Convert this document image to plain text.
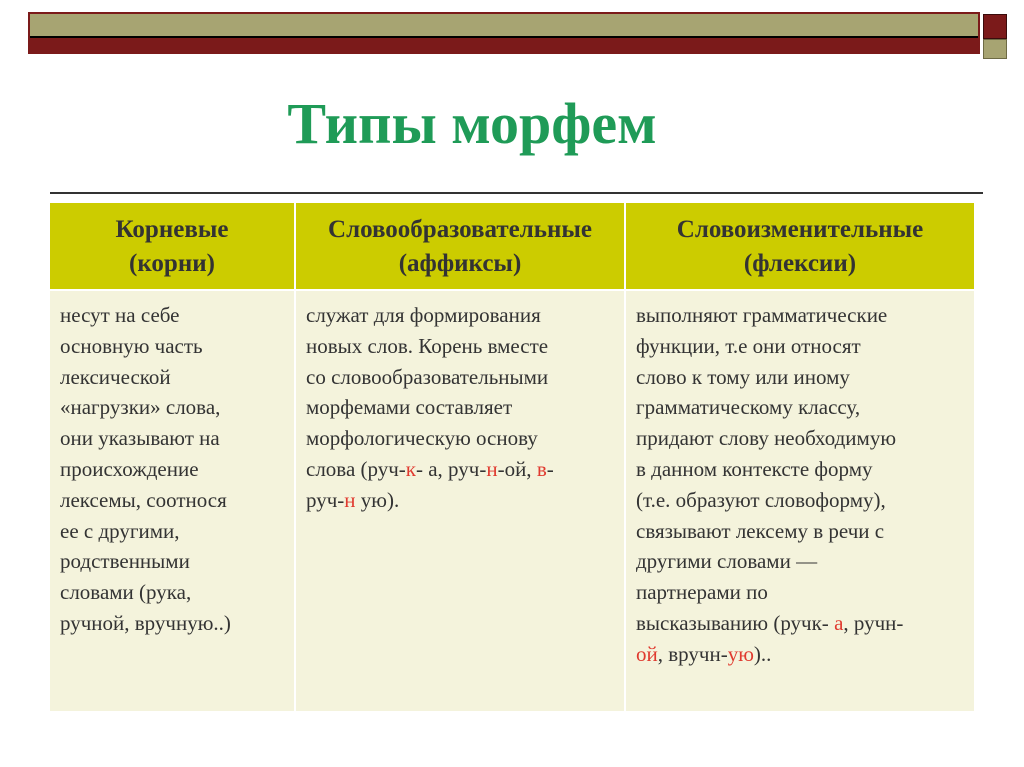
Типы морфем
Корневые
(корни)
Словообразовательные
(аффиксы)
Словоизменительные
(флексии)
несут на себе
основную часть
лексической
«нагрузки» слова,
они указывают на
происхождение
лексемы, соотнося
ее с другими,
родственными
словами (рука,
ручной, вручную..)
служат для формирования
новых слов. Корень вместе
со словообразовательными
морфемами составляет
морфологическую основу
слова (руч-к- а, руч-н-ой, в-
руч-н ую).
выполняют грамматические
функции, т.е они относят
слово к тому или иному
грамматическому классу,
придают слову необходимую
в данном контексте форму
(т.е. образуют словоформу),
связывают лексему в речи с
другими словами —
партнерами по
высказыванию (ручк- а, ручн-
ой, вручн-ую)..
